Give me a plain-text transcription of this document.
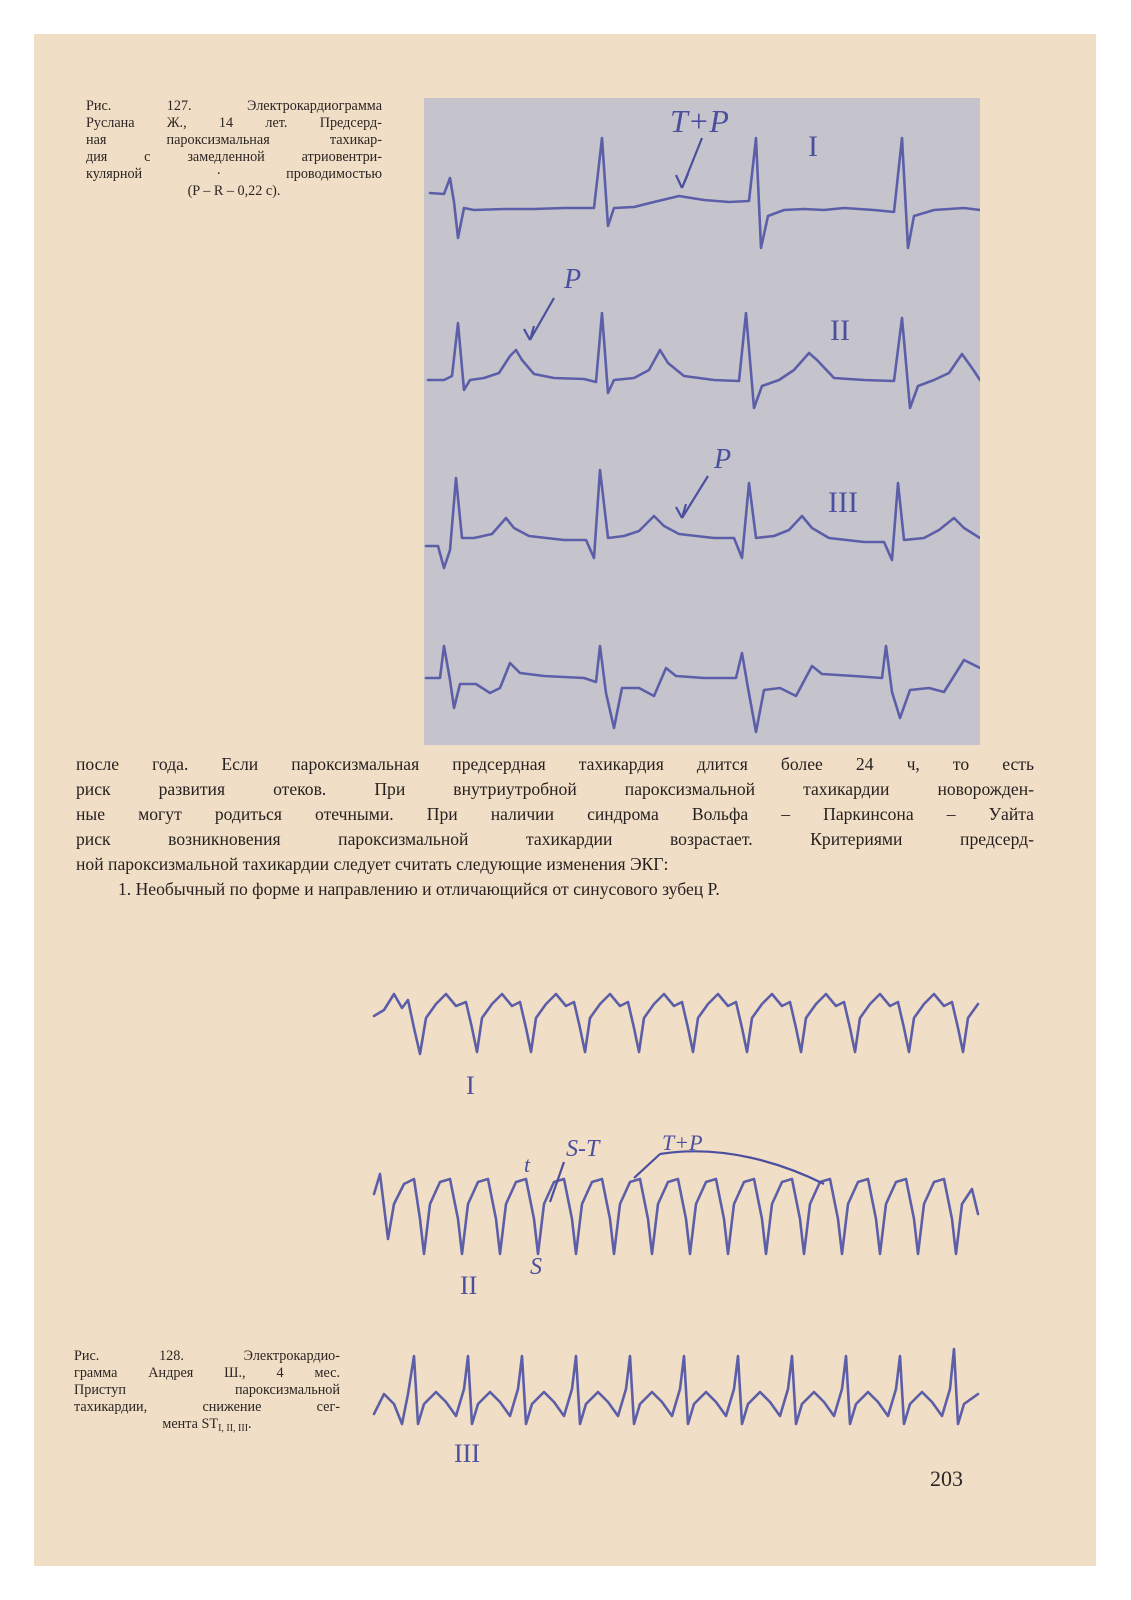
Рис. 127. Электрокардиограмма
Руслана Ж., 14 лет. Предсерд-
ная пароксизмальная тахикар-
дия с замедленной атриовентри-
кулярной        ·       проводимостью
(P – R – 0,22 с).
T+P
P
P
I
II
III
после года. Если пароксизмальная предсердная тахикардия длится более 24 ч, то есть
риск развития отеков. При внутриутробной пароксизмальной тахикардии новорожден-
ные могут родиться отечными. При наличии синдрома Вольфа – Паркинсона – Уайта
риск возникновения пароксизмальной тахикардии возрастает. Критериями предсерд-
ной пароксизмальной тахикардии следует считать следующие изменения ЭКГ:
1. Необычный по форме и направлению и отличающийся от синусового зубец P.
S-T	T+P
t
S
I
II
III
Рис.      128.      Электрокардио-
грамма  Андрея  Ш.,  4  мес.
Приступ     пароксизмальной
тахикардии,   снижение   сег-
мента $ST_{I, II, III}$.
203
